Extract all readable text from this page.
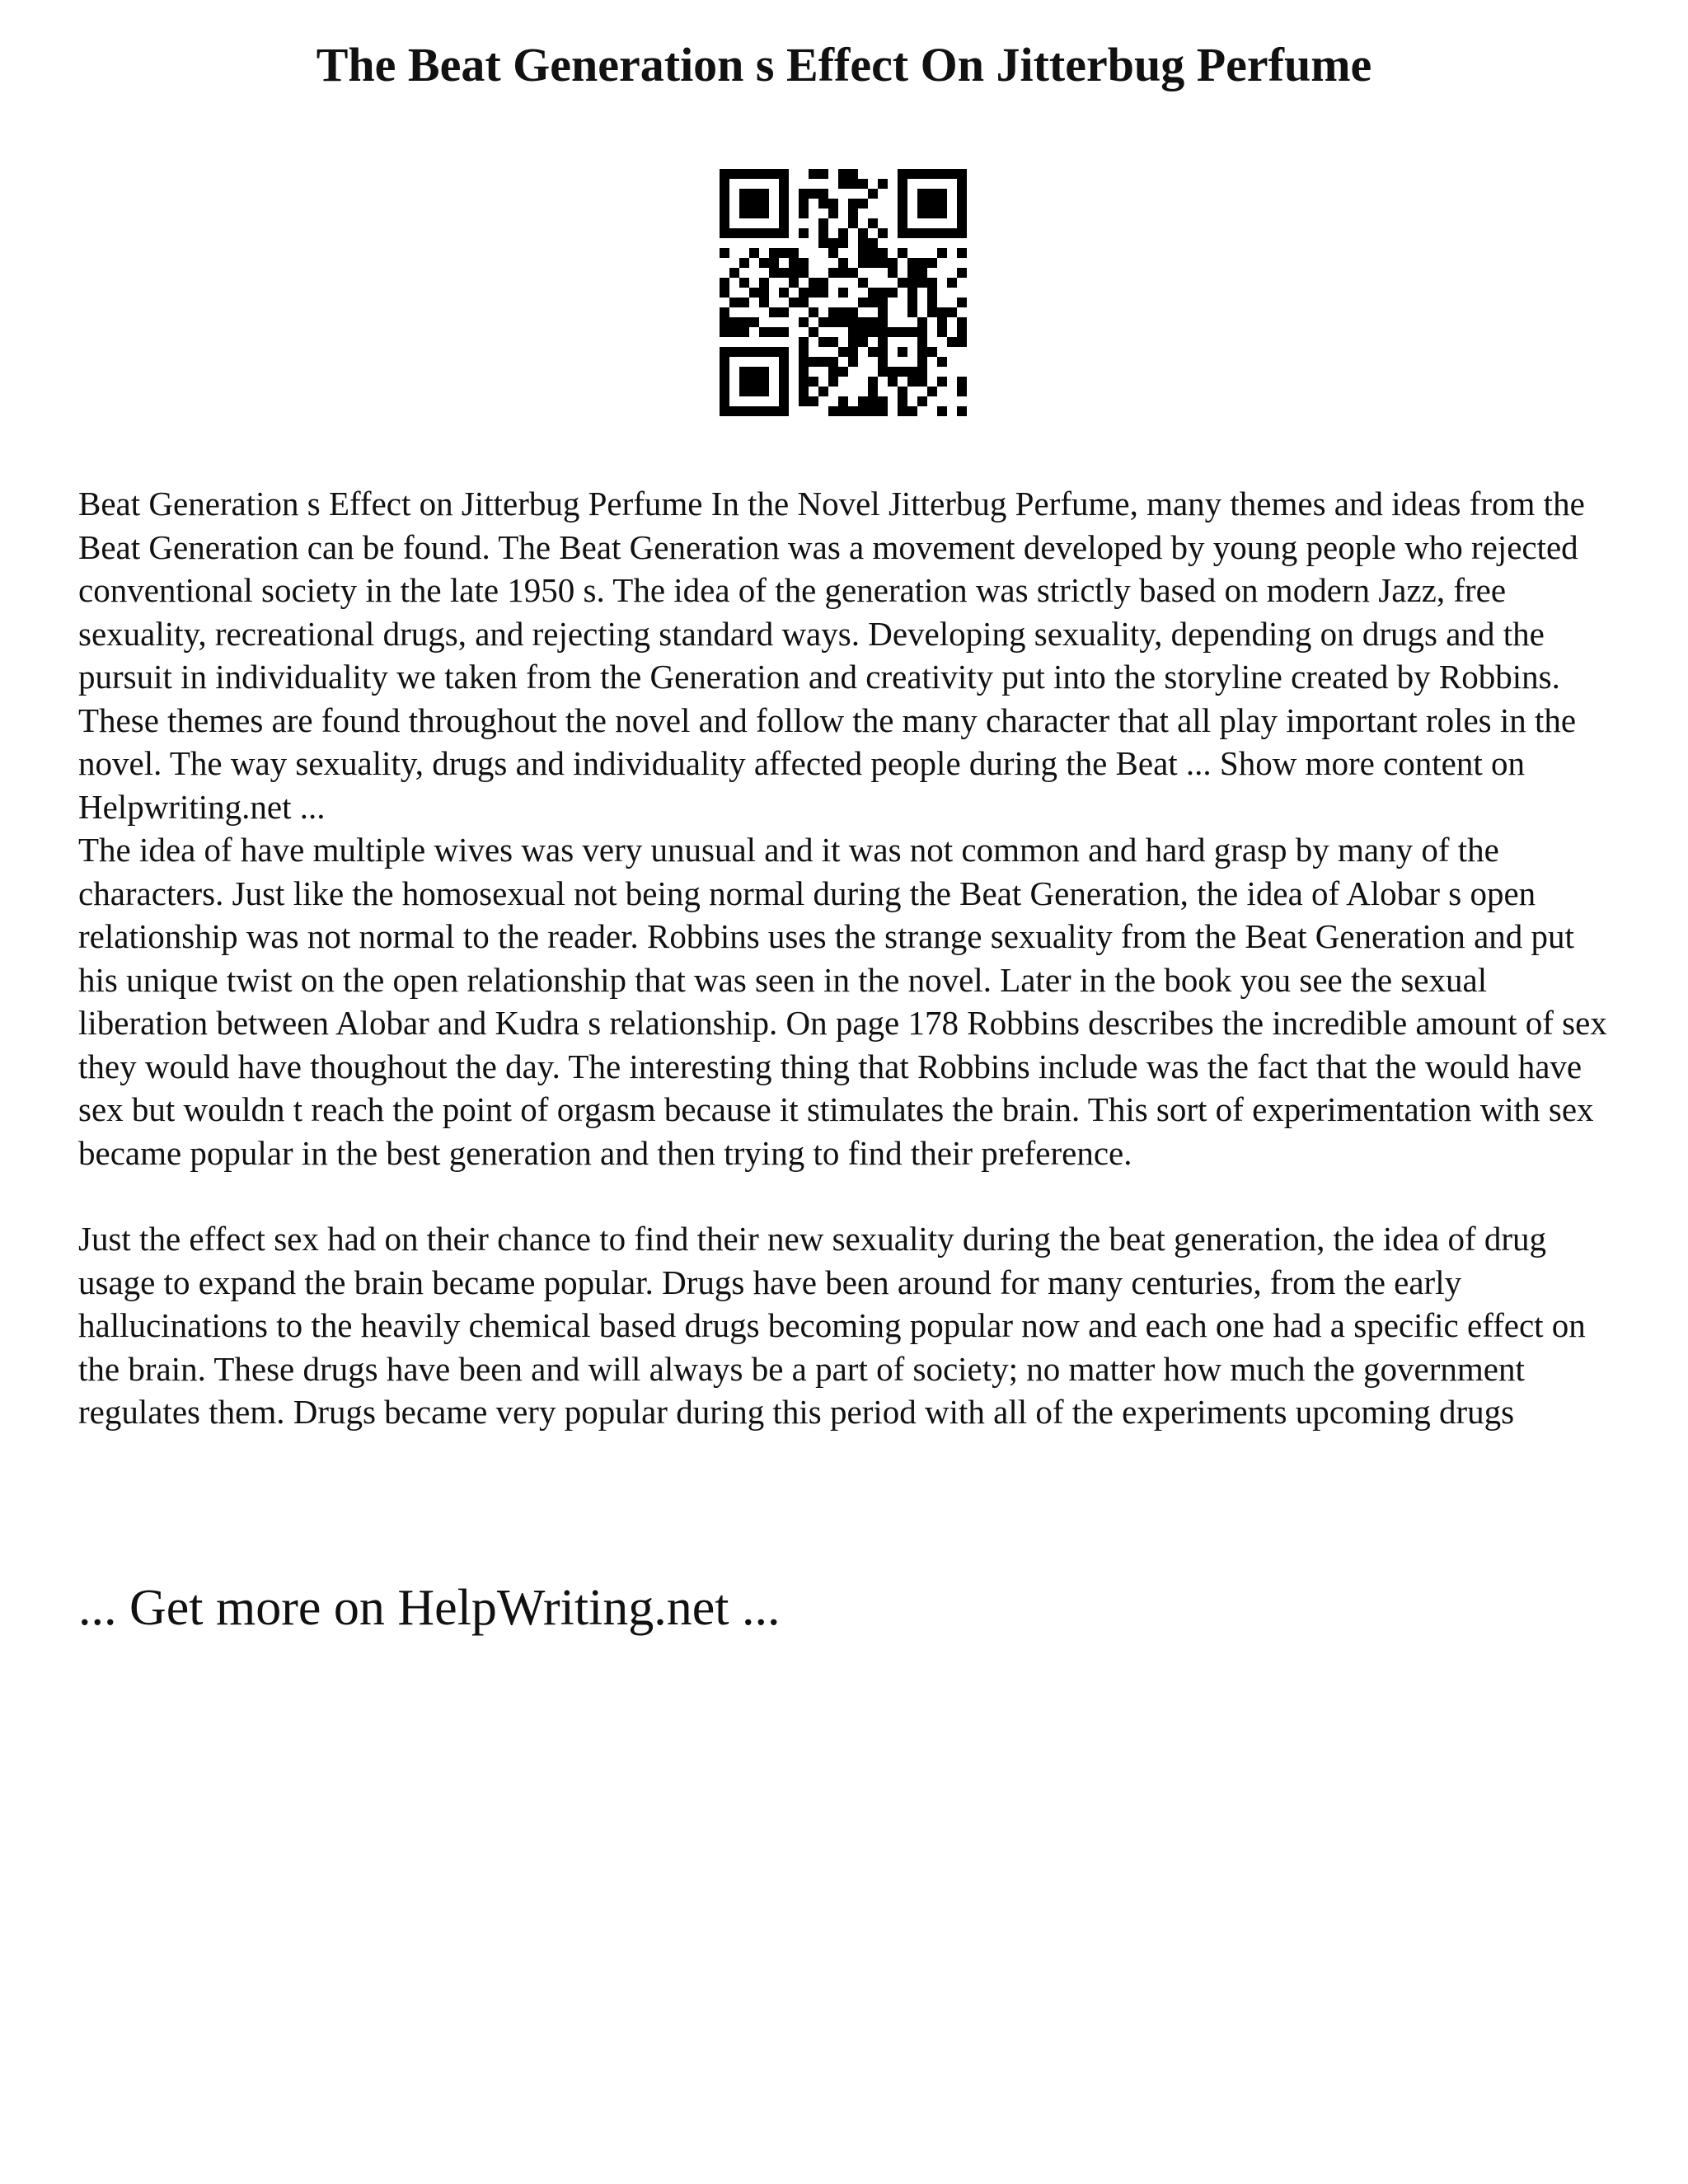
The Beat Generation s Effect On Jitterbug Perfume

Beat Generation s Effect on Jitterbug Perfume In the Novel Jitterbug Perfume, many themes and ideas from the Beat Generation can be found. The Beat Generation was a movement developed by young people who rejected conventional society in the late 1950 s. The idea of the generation was strictly based on modern Jazz, free sexuality, recreational drugs, and rejecting standard ways. Developing sexuality, depending on drugs and the pursuit in individuality we taken from the Generation and creativity put into the storyline created by Robbins. These themes are found throughout the novel and follow the many character that all play important roles in the novel. The way sexuality, drugs and individuality affected people during the Beat ... Show more content on Helpwriting.net ...

The idea of have multiple wives was very unusual and it was not common and hard grasp by many of the characters. Just like the homosexual not being normal during the Beat Generation, the idea of Alobar s open relationship was not normal to the reader. Robbins uses the strange sexuality from the Beat Generation and put his unique twist on the open relationship that was seen in the novel. Later in the book you see the sexual liberation between Alobar and Kudra s relationship. On page 178 Robbins describes the incredible amount of sex they would have thoughout the day. The interesting thing that Robbins include was the fact that the would have sex but wouldn t reach the point of orgasm because it stimulates the brain. This sort of experimentation with sex became popular in the best generation and then trying to find their preference.

Just the effect sex had on their chance to find their new sexuality during the beat generation, the idea of drug usage to expand the brain became popular. Drugs have been around for many centuries, from the early hallucinations to the heavily chemical based drugs becoming popular now and each one had a specific effect on the brain. These drugs have been and will always be a part of society; no matter how much the government regulates them. Drugs became very popular during this period with all of the experiments upcoming drugs

... Get more on HelpWriting.net ...
